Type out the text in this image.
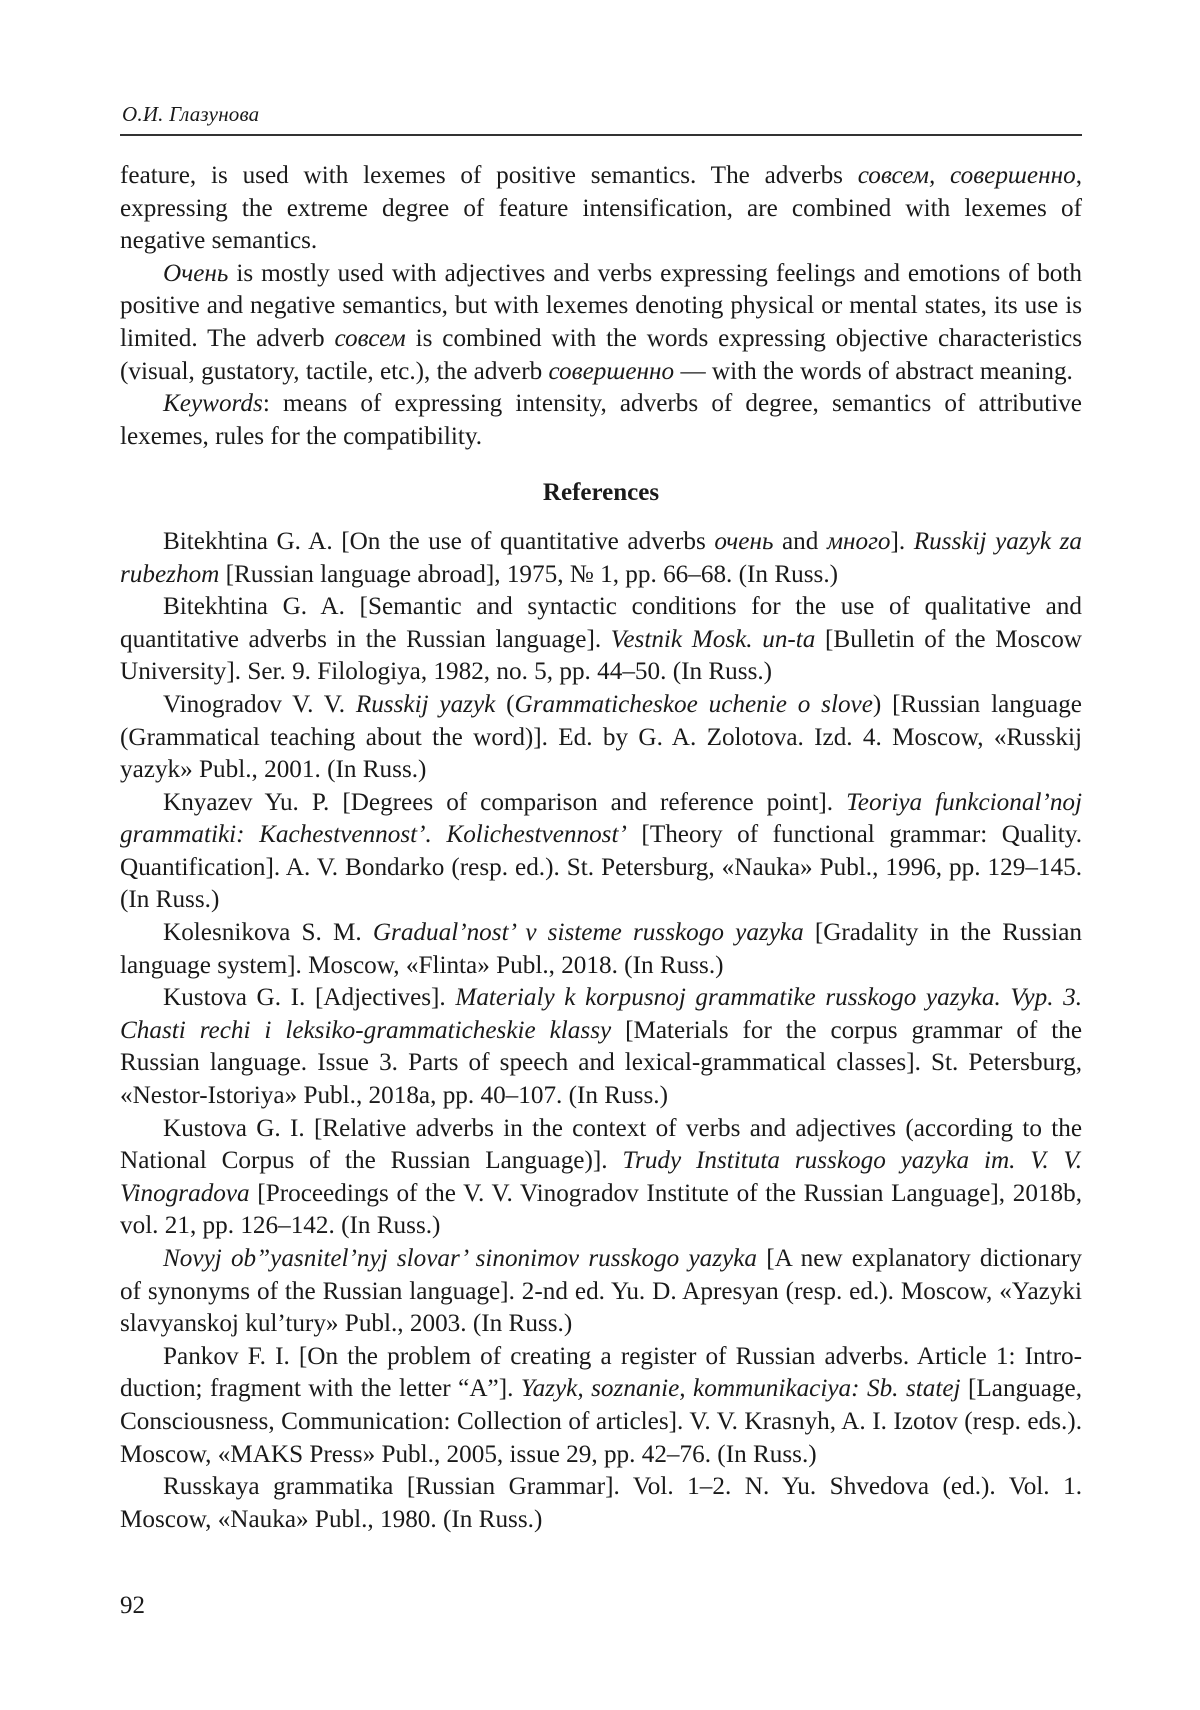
О.И. Глазунова

feature, is used with lexemes of positive semantics. The adverbs совсем, совершенно, expressing the extreme degree of feature intensification, are combined with lexemes of negative semantics.

Очень is mostly used with adjectives and verbs expressing feelings and emotions of both positive and negative semantics, but with lexemes denoting physical or mental states, its use is limited. The adverb совсем is combined with the words expressing objective characteristics (visual, gustatory, tactile, etc.), the adverb совершенно — with the words of abstract meaning.

Keywords: means of expressing intensity, adverbs of degree, semantics of attributive lexemes, rules for the compatibility.

References

Bitekhtina G. A. [On the use of quantitative adverbs очень and много]. Russkij yazyk za rubezhom [Russian language abroad], 1975, № 1, pp. 66–68. (In Russ.)

Bitekhtina G. A. [Semantic and syntactic conditions for the use of qualitative and quantitative adverbs in the Russian language]. Vestnik Mosk. un-ta [Bulletin of the Moscow University]. Ser. 9. Filologiya, 1982, no. 5, pp. 44–50. (In Russ.)

Vinogradov V. V. Russkij yazyk (Grammaticheskoe uchenie o slove) [Russian language (Grammatical teaching about the word)]. Ed. by G. A. Zolotova. Izd. 4. Moscow, «Russkij yazyk» Publ., 2001. (In Russ.)

Knyazev Yu. P. [Degrees of comparison and reference point]. Teoriya funkcional’noj grammatiki: Kachestvennost’. Kolichestvennost’ [Theory of functional grammar: Quality. Quantification]. A. V. Bondarko (resp. ed.). St. Petersburg, «Nauka» Publ., 1996, pp. 129–145. (In Russ.)

Kolesnikova S. M. Gradual’nost’ v sisteme russkogo yazyka [Gradality in the Russian language system]. Moscow, «Flinta» Publ., 2018. (In Russ.)

Kustova G. I. [Adjectives]. Materialy k korpusnoj grammatike russkogo yazyka. Vyp. 3. Chasti rechi i leksiko-grammaticheskie klassy [Materials for the corpus grammar of the Russian language. Issue 3. Parts of speech and lexical-grammatical classes]. St. Petersburg, «Nestor-Istoriya» Publ., 2018a, pp. 40–107. (In Russ.)

Kustova G. I. [Relative adverbs in the context of verbs and adjectives (according to the National Corpus of the Russian Language)]. Trudy Instituta russkogo yazyka im. V. V. Vinogradova [Proceedings of the V. V. Vinogradov Institute of the Russian Language], 2018b, vol. 21, pp. 126–142. (In Russ.)

Novyj ob”yasnitel’nyj slovar’ sinonimov russkogo yazyka [A new explanatory dictionary of synonyms of the Russian language]. 2-nd ed. Yu. D. Apresyan (resp. ed.). Moscow, «Yazyki slavyanskoj kul’tury» Publ., 2003. (In Russ.)

Pankov F. I. [On the problem of creating a register of Russian adverbs. Article 1: Introduction; fragment with the letter “A”]. Yazyk, soznanie, kommunikaciya: Sb. statej [Language, Consciousness, Communication: Collection of articles]. V. V. Krasnyh, A. I. Izotov (resp. eds.). Moscow, «MAKS Press» Publ., 2005, issue 29, pp. 42–76. (In Russ.)

Russkaya grammatika [Russian Grammar]. Vol. 1–2. N. Yu. Shvedova (ed.). Vol. 1. Moscow, «Nauka» Publ., 1980. (In Russ.)

92
